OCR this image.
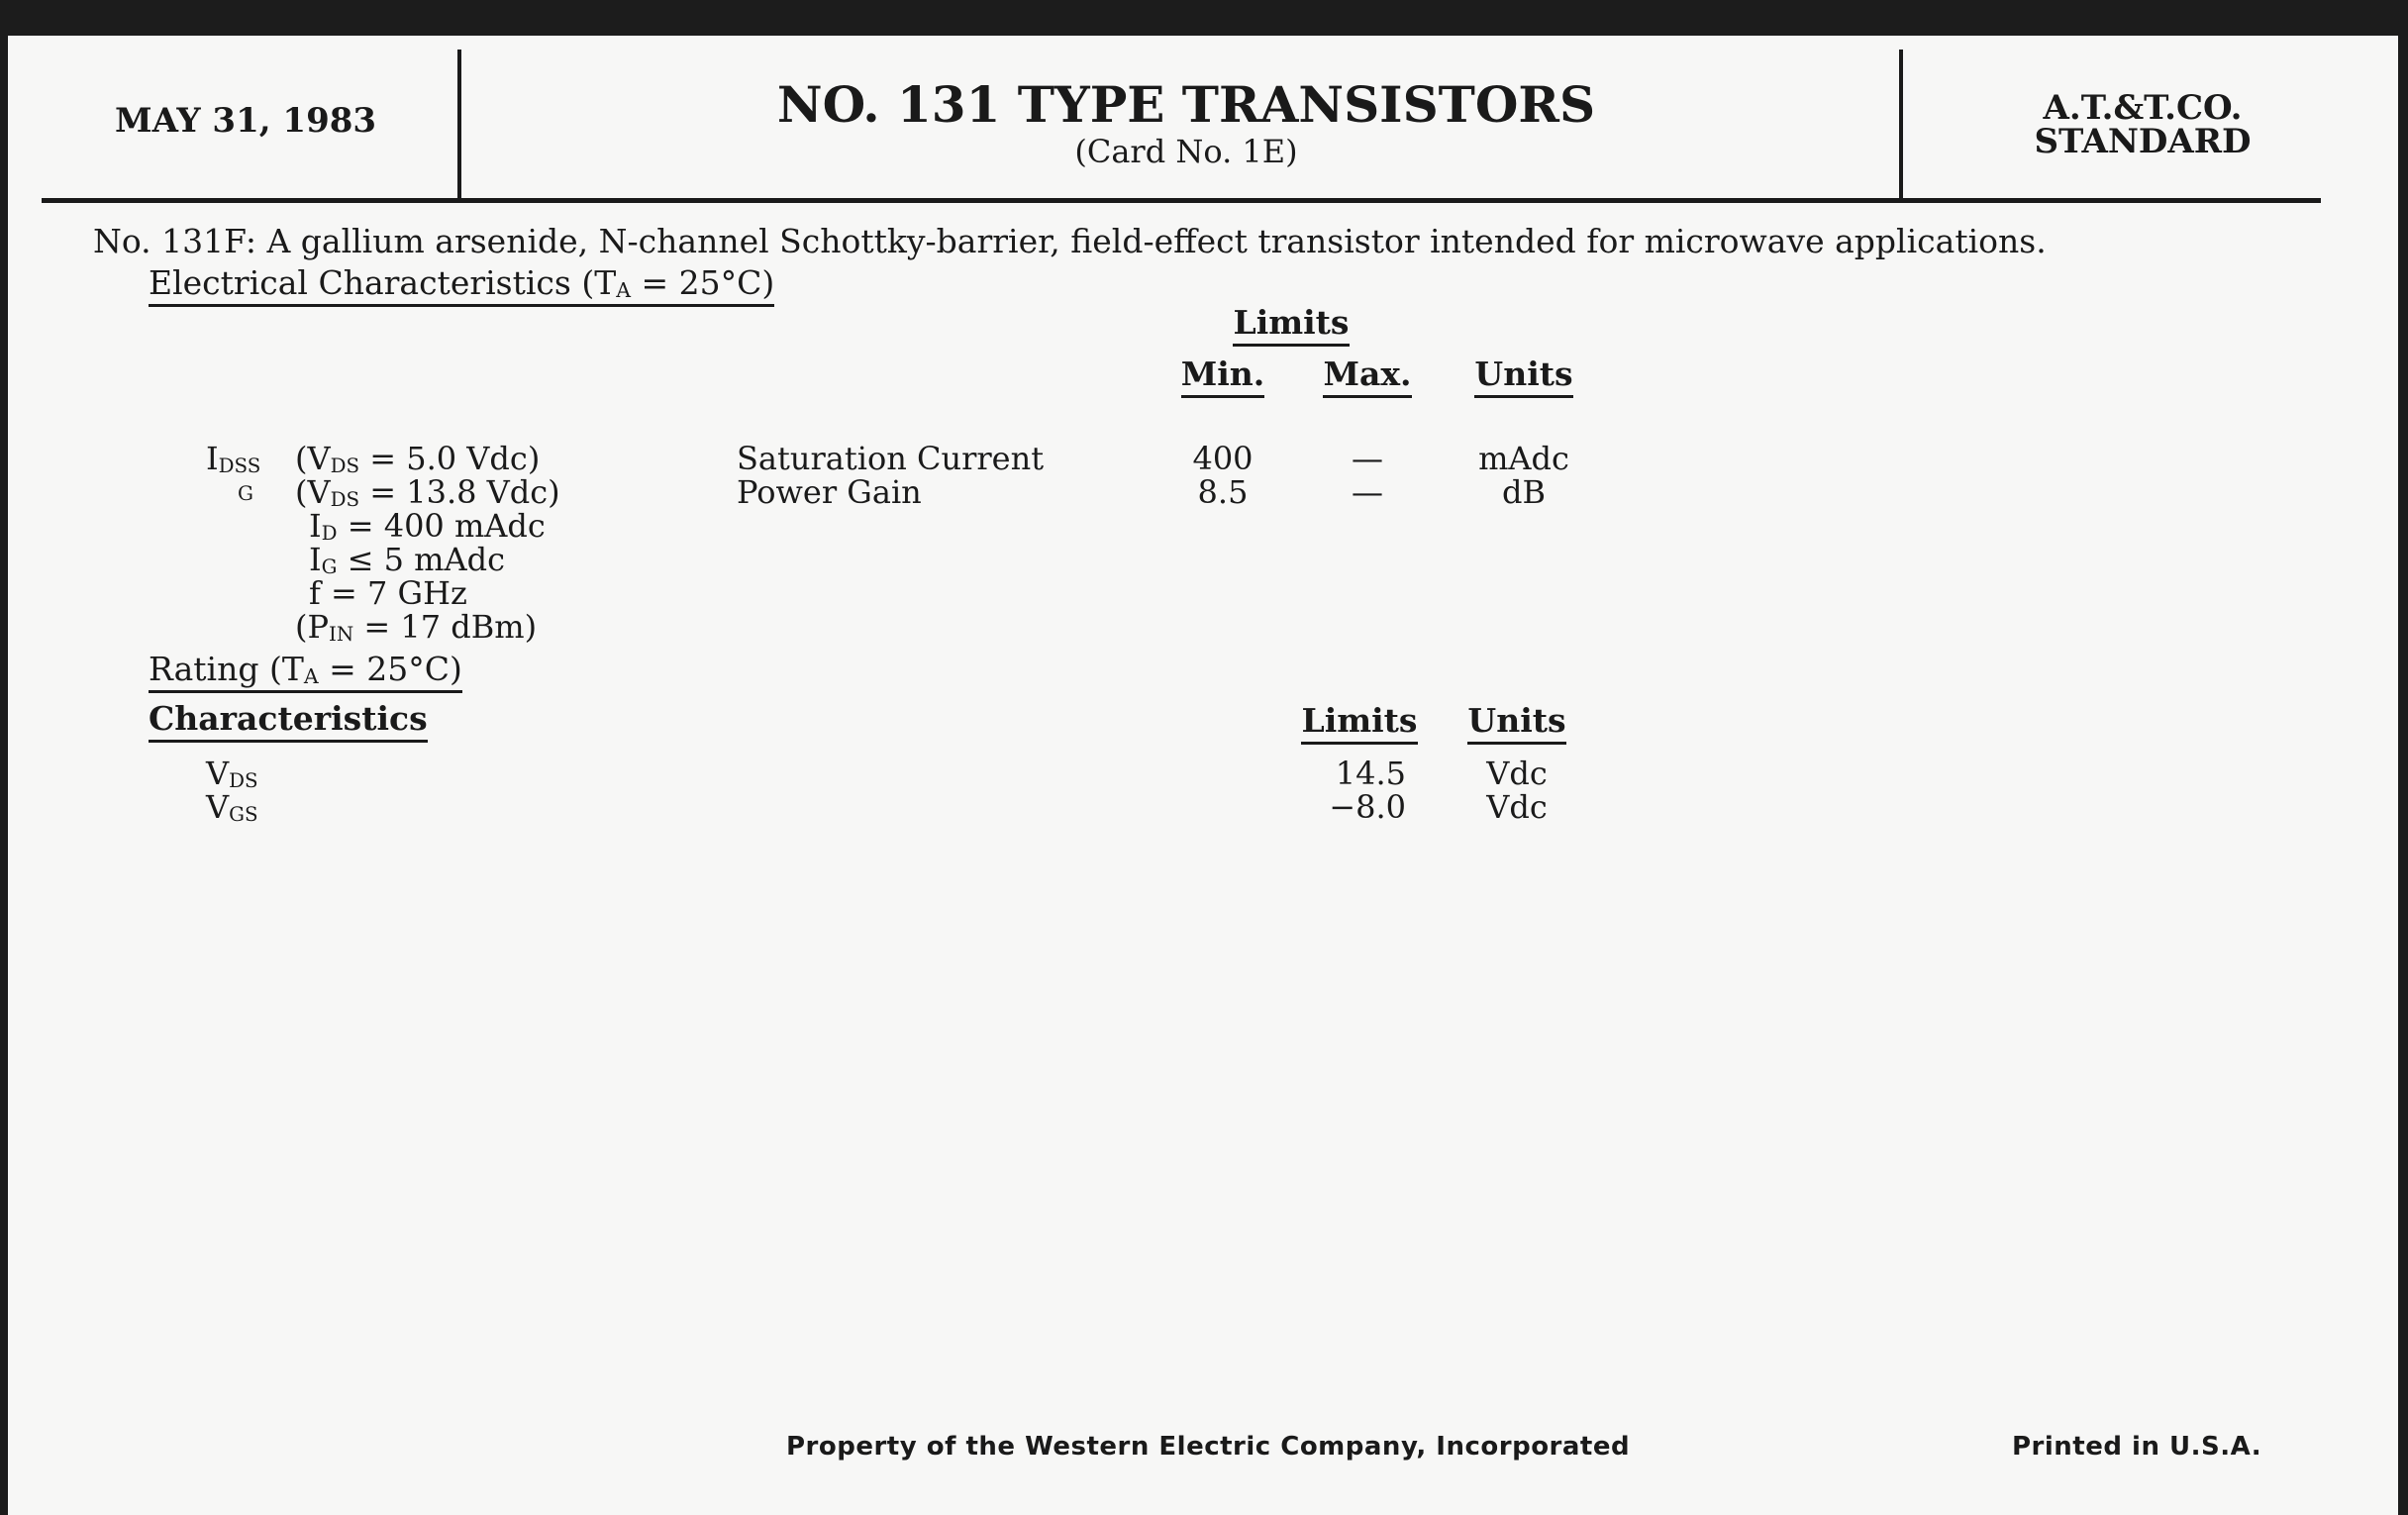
MAY 31, 1983	NO. 131 TYPE TRANSISTORS
(Card No. 1E)
A.T.&T.CO.
STANDARD
No. 131F: A gallium arsenide, N-channel Schottky-barrier, field-effect transistor intended for microwave applications.
Electrical Characteristics $(T_A = 25^\circ C)$
Limits
Min.	Max.	Units
$I_{DSS}$ ($V_{DS} = 5.0$ Vdc)	Saturation Current	400	—	mAdc
G ($V_{DS} = 13.8$ Vdc)	Power Gain	8.5	—	dB
$I_D = 400$ mAdc
$I_G \le 5$ mAdc
f = 7 GHz
($P_{IN} = 17$ dBm)
Rating $(T_A = 25^\circ C)$
Characteristics	Limits	Units
$V_{DS}$	14.5	Vdc
$V_{GS}$	−8.0	Vdc
Property of the Western Electric Company, Incorporated	Printed in U.S.A.
